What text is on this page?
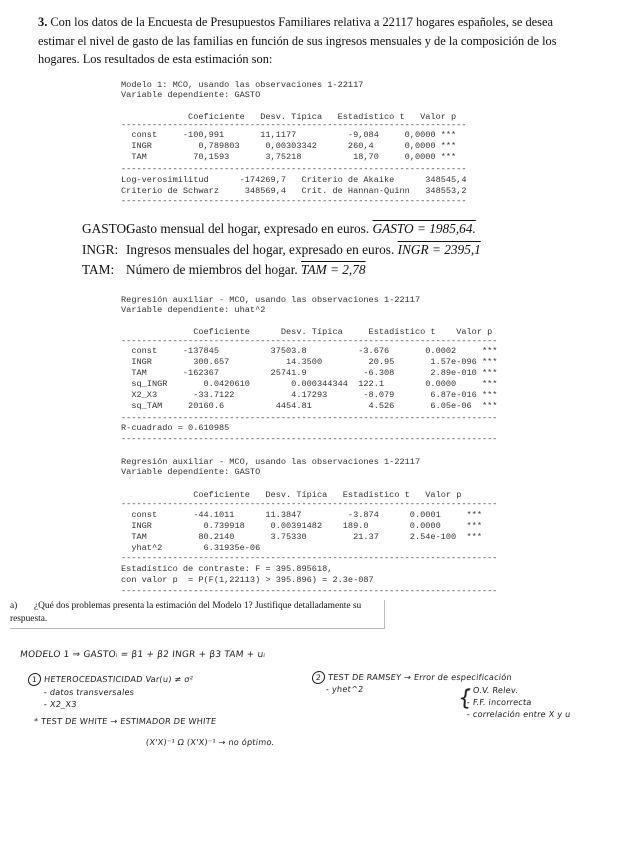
3. Con los datos de la Encuesta de Presupuestos Familiares relativa a 22117 hogares españoles, se desea estimar el nivel de gasto de las familias en función de sus ingresos mensuales y de la composición de los hogares. Los resultados de esta estimación son:
Modelo 1: MCO, usando las observaciones 1-22117
Variable dependiente: GASTO
Coeficiente   Desv. Típica   Estadístico t   Valor p
-------------------------------------------------------------------
const     -100,991       11,1177          -9,084     0,0000 ***
INGR         0,789803     0,00303342      260,4      0,0000 ***
TAM         70,1593       3,75218          18,70     0,0000 ***
-------------------------------------------------------------------
Log-verosimilitud      -174269,7   Criterio de Akaike      348545,4
Criterio de Schwarz     348569,4   Crit. de Hannan-Quinn   348553,2
-------------------------------------------------------------------
GASTO:
Gasto mensual del hogar, expresado en euros.
GASTO = 1985,64.
INGR: Ingresos mensuales del hogar, expresado en euros.
INGR = 2395,1
TAM: Número de miembros del hogar.
TAM = 2,78
Regresión auxiliar - MCO, usando las observaciones 1-22117
Variable dependiente: uhat^2
Coeficiente      Desv. Típica     Estadístico t    Valor p
-------------------------------------------------------------------------
const     -137845          37503.8          -3.676       0.0002     ***
INGR        300.657           14.3500         20.95       1.57e-096 ***
TAM       -162367          25741.9           -6.308       2.89e-010 ***
sq_INGR       0.0420610        0.000344344  122.1        0.0000     ***
X2_X3       -33.7122           4.17293       -8.079       6.87e-016 ***
sq_TAM     20160.6          4454.81           4.526       6.05e-06  ***
-------------------------------------------------------------------------
R-cuadrado = 0.610985
-------------------------------------------------------------------------
Regresión auxiliar - MCO, usando las observaciones 1-22117
Variable dependiente: GASTO
Coeficiente   Desv. Típica   Estadístico t   Valor p
-------------------------------------------------------------------------
const       -44.1011      11.3847         -3.874      0.0001     ***
INGR          0.739918     0.00391482    189.0        0.0000     ***
TAM          80.2140       3.75330         21.37      2.54e-100  ***
yhat^2        6.31935e-06
-------------------------------------------------------------------------
Estadístico de contraste: F = 395.895618,
con valor p  = P(F(1,22113) > 395.896) = 2.3e-087
-------------------------------------------------------------------------
a) ¿Qué dos problemas presenta la estimación del Modelo 1? Justifique detalladamente su respuesta.
MODELO 1 ⇒ GASTOᵢ = β1 + β2 INGR + β3 TAM + uᵢ
1 HETEROCEDASTICIDAD Var(u) ≠ σ²
- datos transversales
- X2_X3
* TEST DE WHITE → ESTIMADOR DE WHITE
(X'X)⁻¹ Ω (X'X)⁻¹ → no óptimo.
2 TEST DE RAMSEY → Error de especificación
- yhet^2	- O.V. Relev.
- F.F. incorrecta
- correlación entre X y u
{
